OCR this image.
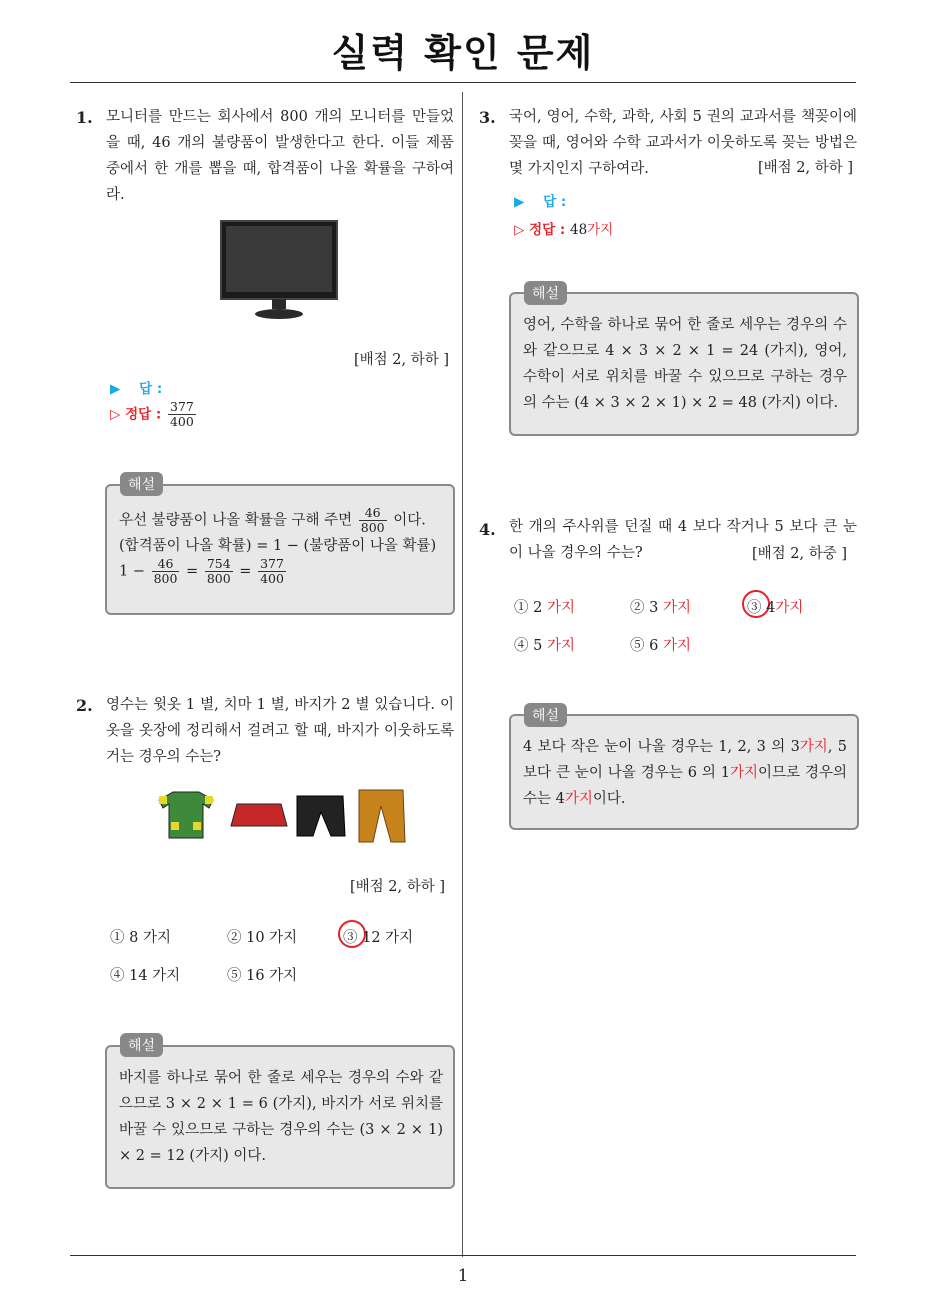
실력 확인 문제
1. 모니터를 만드는 회사에서 800 개의 모니터를 만들었을 때, 46 개의 불량품이 발생한다고 한다. 이들 제품 중에서 한 개를 뽑을 때, 합격품이 나올 확률을 구하여라.
[배점 2, 하하 ]
▶ 답 :
▷ 정답 : $\frac{377}{400}$
우선 불량품이 나올 확률을 구해 주면 $\frac{46}{800}$ 이다.
(합격품이 나올 확률) = 1 − (불량품이 나올 확률)
$1 - \frac{46}{800} = \frac{754}{800} = \frac{377}{400}$
해설
2. 영수는 윗옷 1 별, 치마 1 별, 바지가 2 별 있습니다. 이 옷을 옷장에 정리해서 걸려고 할 때, 바지가 이웃하도록 거는 경우의 수는?
[배점 2, 하하 ]
① 8 가지	② 10 가지	③ 12 가지
④ 14 가지	⑤ 16 가지
바지를 하나로 묶어 한 줄로 세우는 경우의 수와 같으므로 3 × 2 × 1 = 6 (가지), 바지가 서로 위치를 바꿀 수 있으므로 구하는 경우의 수는 (3 × 2 × 1) × 2 = 12 (가지) 이다.
해설
3. 국어, 영어, 수학, 과학, 사회 5 권의 교과서를 책꽂이에 꽂을 때, 영어와 수학 교과서가 이웃하도록 꽂는 방법은 몇 가지인지 구하여라.	[배점 2, 하하 ]
▶ 답 :
▷ 정답 : 48가지
영어, 수학을 하나로 묶어 한 줄로 세우는 경우의 수와 같으므로 4 × 3 × 2 × 1 = 24 (가지), 영어, 수학이 서로 위치를 바꿀 수 있으므로 구하는 경우의 수는 (4 × 3 × 2 × 1) × 2 = 48 (가지) 이다.
해설
4. 한 개의 주사위를 던질 때 4 보다 작거나 5 보다 큰 눈이 나올 경우의 수는?	[배점 2, 하중 ]
① 2 가지	② 3 가지	③ 4가지
④ 5 가지	⑤ 6 가지
4 보다 작은 눈이 나올 경우는 1, 2, 3 의 3가지, 5 보다 큰 눈이 나올 경우는 6 의 1가지이므로 경우의 수는 4가지이다.
해설
1
